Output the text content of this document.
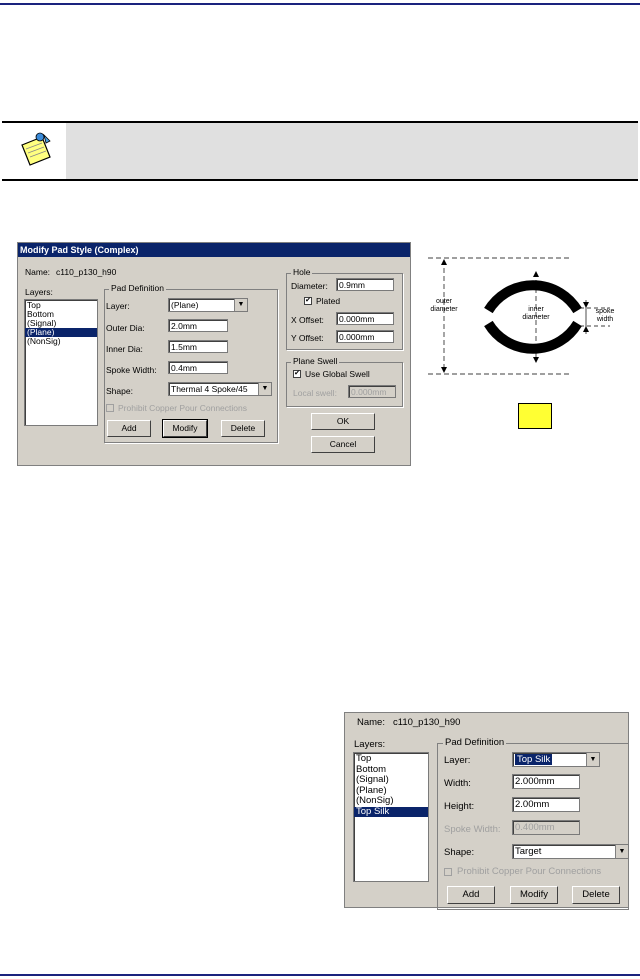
Modify Pad Style (Complex)
Name: c110_p130_h90
Layers:
Top
Bottom
(Signal)
(Plane)
(NonSig)
Pad Definition
Layer:	(Plane)	▼
Outer Dia:	2.0mm
Inner Dia:	1.5mm
Spoke Width:	0.4mm
Shape:	Thermal 4 Spoke/45	▼
Prohibit Copper Pour Connections
Add	Modify	Delete
Hole
Diameter:	0.9mm
✔ Plated
X Offset:	0.000mm
Y Offset:	0.000mm
Plane Swell
✔ Use Global Swell
Local swell:	0.000mm
OK
Cancel
outer
diameter	inner
diameter
spoke
width
Name: c110_p130_h90
Layers:
Top
Bottom
(Signal)
(Plane)
(NonSig)
Top Silk
Pad Definition
Layer:	Top Silk	▼
Width:	2.000mm
Height:	2.00mm
Spoke Width:	0.400mm
Shape:	Target	▼
Prohibit Copper Pour Connections
Add	Modify	Delete
